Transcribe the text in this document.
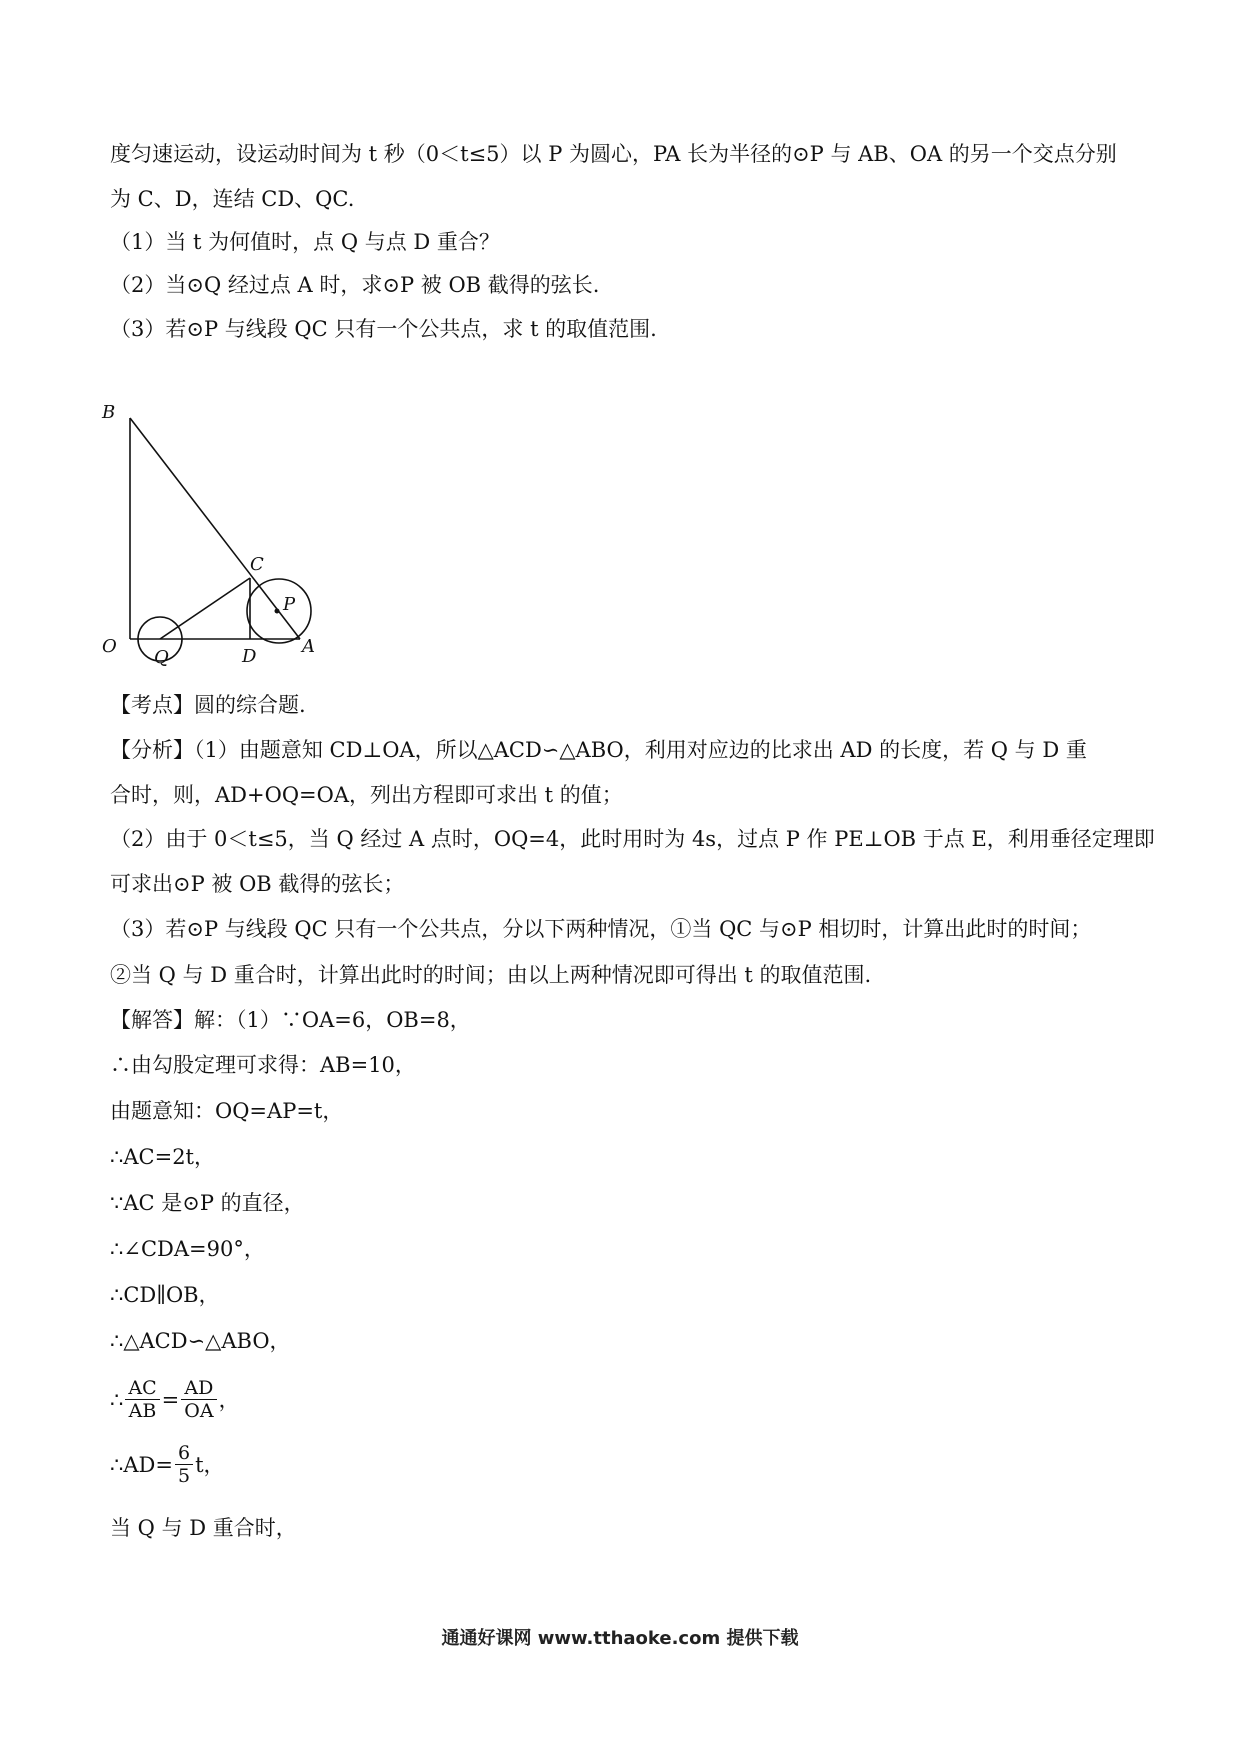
度匀速运动，设运动时间为 t 秒（0＜t≤5）以 P 为圆心，PA 长为半径的⊙P 与 AB、OA 的另一个交点分别
为 C、D，连结 CD、QC.
（1）当 t 为何值时，点 Q 与点 D 重合？
（2）当⊙Q 经过点 A 时，求⊙P 被 OB 截得的弦长.
（3）若⊙P 与线段 QC 只有一个公共点，求 t 的取值范围.
B
C
P
O
Q	D	A
【考点】圆的综合题.
【分析】（1）由题意知 CD⊥OA，所以△ACD∽△ABO，利用对应边的比求出 AD 的长度，若 Q 与 D 重
合时，则，AD+OQ=OA，列出方程即可求出 t 的值；
（2）由于 0＜t≤5，当 Q 经过 A 点时，OQ=4，此时用时为 4s，过点 P 作 PE⊥OB 于点 E，利用垂径定理即
可求出⊙P 被 OB 截得的弦长；
（3）若⊙P 与线段 QC 只有一个公共点，分以下两种情况，①当 QC 与⊙P 相切时，计算出此时的时间；
②当 Q 与 D 重合时，计算出此时的时间；由以上两种情况即可得出 t 的取值范围.
【解答】解：（1）∵OA=6，OB=8，
∴由勾股定理可求得：AB=10，
由题意知：OQ=AP=t，
∴AC=2t，
∵AC 是⊙P 的直径，
∴∠CDA=90°，
∴CD∥OB，
∴△ACD∽△ABO，
∴ $\frac{AC}{AB} = \frac{AD}{OA}$ ，
∴AD= $\frac{6}{5}$ t，
当 Q 与 D 重合时，
通通好课网 www.tthaoke.com 提供下载
